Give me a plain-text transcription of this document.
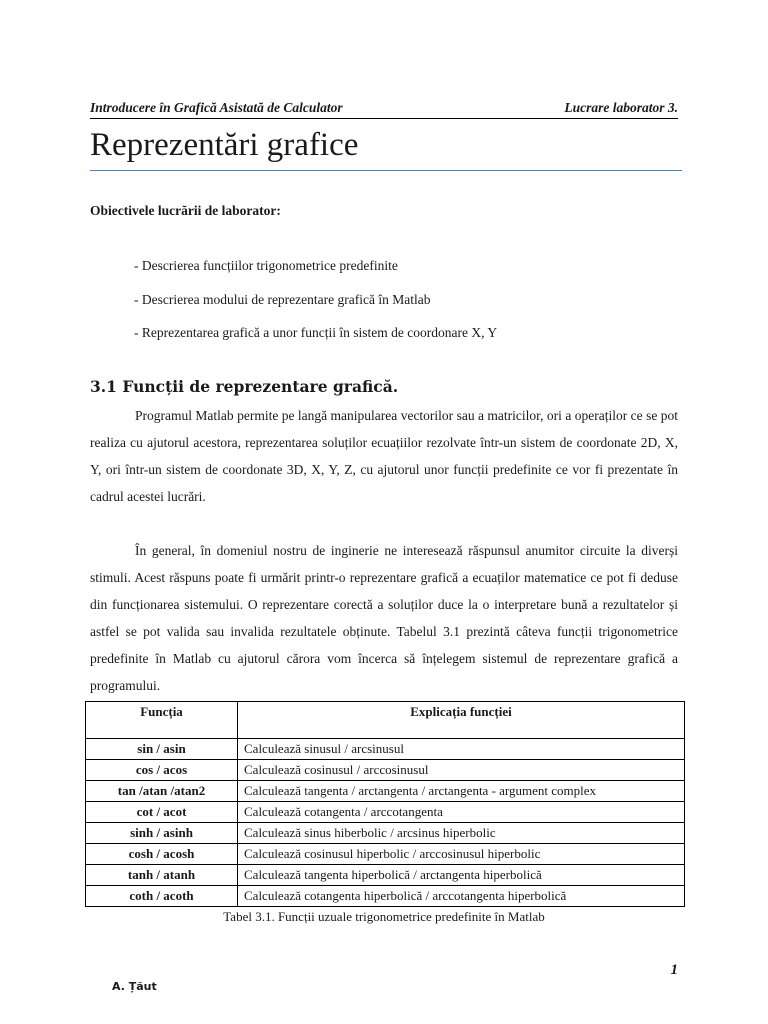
Introducere în Grafică Asistată de Calculator	Lucrare laborator 3.
Reprezentări grafice
Obiectivele lucrării de laborator:
- Descrierea funcțiilor trigonometrice predefinite
- Descrierea modului de reprezentare grafică în Matlab
- Reprezentarea grafică a unor funcții în sistem de coordonare X, Y
3.1 Funcții de reprezentare grafică.

Programul Matlab permite pe langă manipularea vectorilor sau a matricilor, ori a operaților ce se pot realiza cu ajutorul acestora, reprezentarea soluților ecuațiilor rezolvate într-un sistem de coordonate 2D, X, Y, ori într-un sistem de coordonate 3D, X, Y, Z, cu ajutorul unor funcții predefinite ce vor fi prezentate în cadrul acestei lucrări.

În general, în domeniul nostru de inginerie ne interesează răspunsul anumitor circuite la diverși stimuli. Acest răspuns poate fi urmărit printr-o reprezentare grafică a ecuaților matematice ce pot fi deduse din funcționarea sistemului. O reprezentare corectă a soluților duce la o interpretare bună a rezultatelor și astfel se pot valida sau invalida rezultatele obținute. Tabelul 3.1 prezintă câteva funcții trigonometrice predefinite în Matlab cu ajutorul cărora vom încerca să înțelegem sistemul de reprezentare grafică a programului.

Funcția	Explicația funcției
sin / asin	Calculează sinusul / arcsinusul
cos / acos	Calculează cosinusul / arccosinusul
tan /atan /atan2	Calculează tangenta / arctangenta / arctangenta - argument complex
cot / acot	Calculează cotangenta / arccotangenta
sinh / asinh	Calculează sinus hiberbolic / arcsinus hiperbolic
cosh / acosh	Calculează cosinusul hiperbolic / arccosinusul hiperbolic
tanh / atanh	Calculează tangenta hiperbolică / arctangenta hiperbolică
coth / acoth	Calculează cotangenta hiperbolică / arccotangenta hiperbolică
Tabel 3.1. Funcții uzuale trigonometrice predefinite în Matlab
1
A. Țăut
